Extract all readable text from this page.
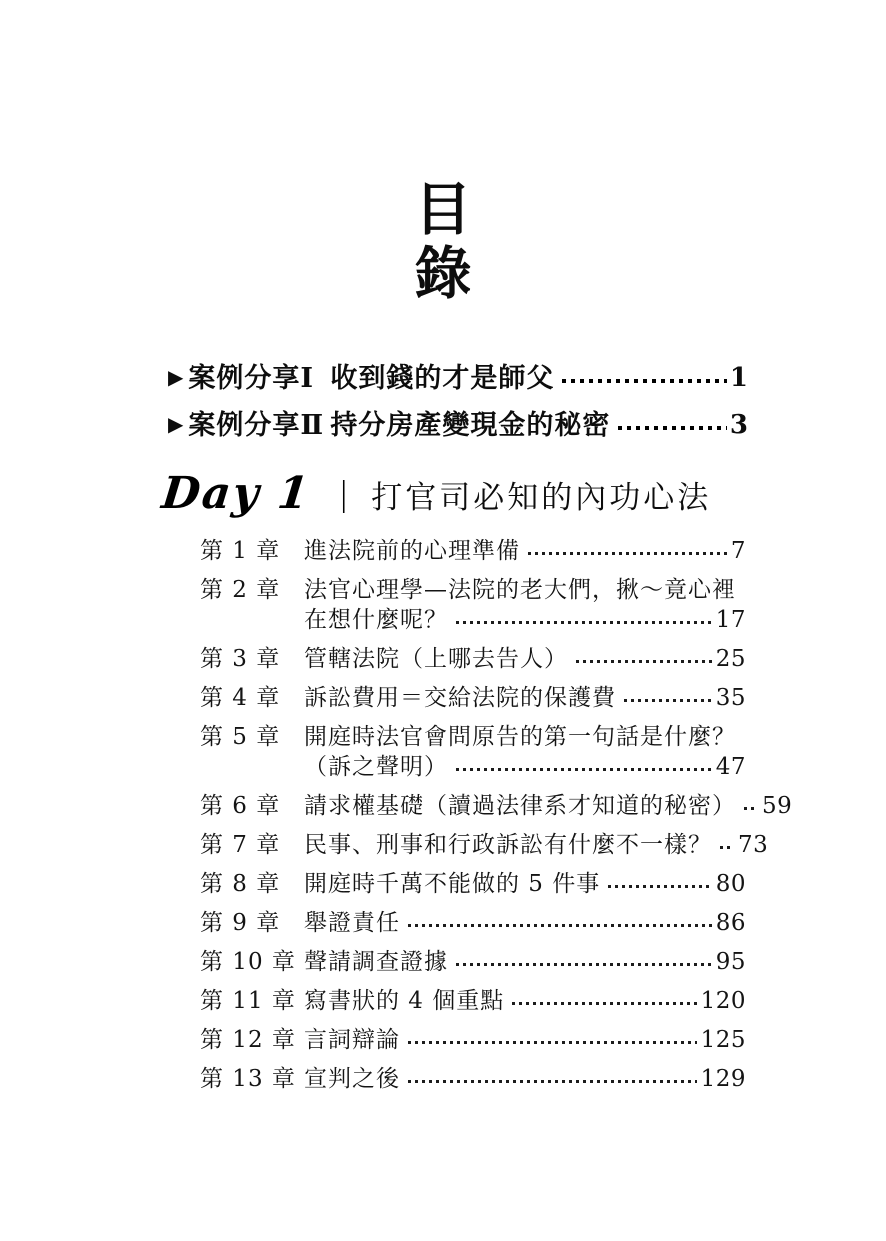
目
錄
▶ 案例分享Ⅰ 收到錢的才是師父	1
▶ 案例分享Ⅱ 持分房產變現金的秘密	3
Day 1 | 打官司必知的內功心法
第 1 章	進法院前的心理準備	7
第 2 章	法官心理學—法院的老大們，揪～竟心裡
在想什麼呢？	17
第 3 章	管轄法院（上哪去告人）	25
第 4 章	訴訟費用＝交給法院的保護費	35
第 5 章	開庭時法官會問原告的第一句話是什麼？
（訴之聲明）	47
第 6 章	請求權基礎（讀過法律系才知道的秘密） 59
第 7 章	民事、刑事和行政訴訟有什麼不一樣？ 73
第 8 章	開庭時千萬不能做的 5 件事	80
第 9 章	舉證責任	86
第 10 章 聲請調查證據	95
第 11 章 寫書狀的 4 個重點	120
第 12 章 言詞辯論	125
第 13 章 宣判之後	129
